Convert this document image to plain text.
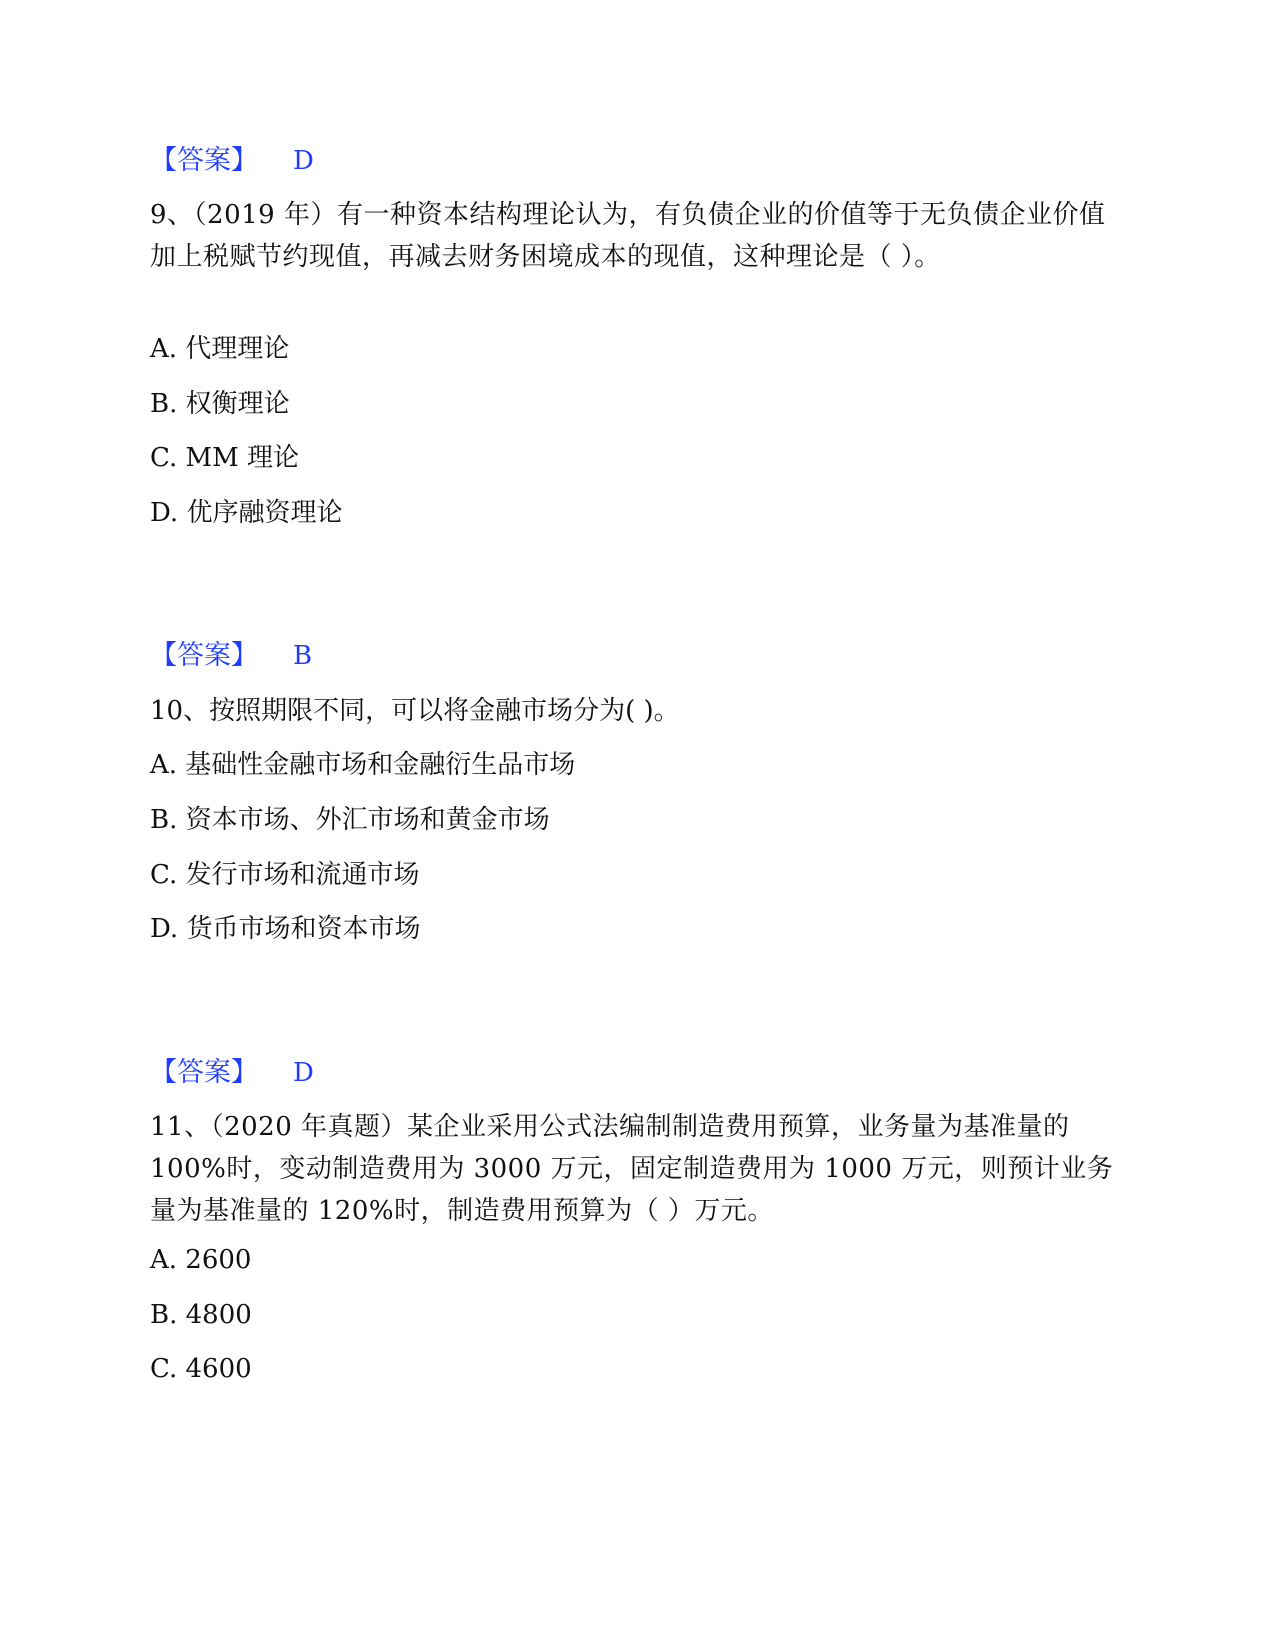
【答案】 D
9、（2019 年）有一种资本结构理论认为，有负债企业的价值等于无负债企业价值加上税赋节约现值，再减去财务困境成本的现值，这种理论是（ ）。
A. 代理理论
B. 权衡理论
C. MM 理论
D. 优序融资理论
【答案】 B
10、按照期限不同，可以将金融市场分为( )。
A. 基础性金融市场和金融衍生品市场
B. 资本市场、外汇市场和黄金市场
C. 发行市场和流通市场
D. 货币市场和资本市场
【答案】 D
11、（2020 年真题）某企业采用公式法编制制造费用预算，业务量为基准量的 100%时，变动制造费用为 3000 万元，固定制造费用为 1000 万元，则预计业务量为基准量的 120%时，制造费用预算为（ ）万元。
A. 2600
B. 4800
C. 4600
